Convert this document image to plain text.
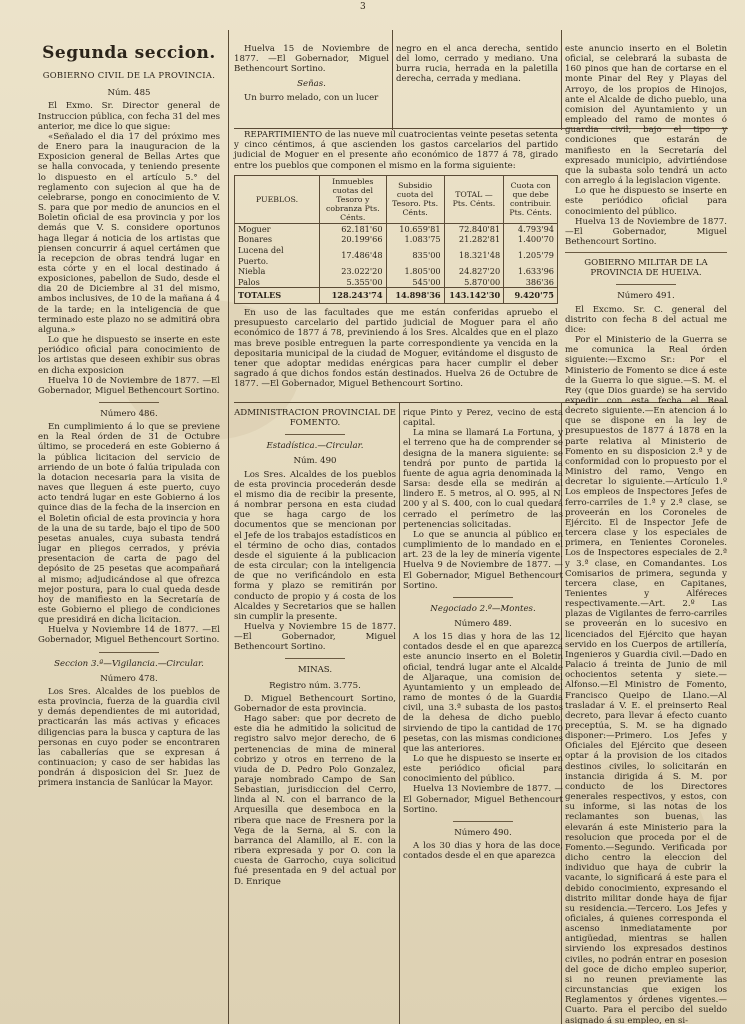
3
Segunda seccion.
GOBIERNO CIVIL DE LA PROVINCIA.
Núm. 485

El Exmo. Sr. Director general de Instruccion pública, con fecha 31 del mes anterior, me dice lo que sigue:

«Señalado el dia 17 del próximo mes de Enero para la inauguracion de la Exposicion general de Bellas Artes que se halla convocada, y teniendo presente lo dispuesto en el artículo 5.° del reglamento con sujecion al que ha de celebrarse, pongo en conocimiento de V. S. para que por medio de anuncios en el Boletin oficial de esa provincia y por los demás que V. S. considere oportunos haga llegar á noticia de los artistas que piensen concurrir á aquel certámen que la recepcion de obras tendrá lugar en esta córte y en el local destinado á exposiciones, pabellon de Sudo, desde el dia 20 de Diciembre al 31 del mismo, ambos inclusives, de 10 de la mañana á 4 de la tarde; en la inteligencia de que terminado este plazo no se admitirá obra alguna.»

Lo que he dispuesto se inserte en este periódico oficial para conocimiento de los artistas que deseen exhibir sus obras en dicha exposicion

Huelva 10 de Noviembre de 1877. —El Gobernador, Miguel Bethencourt Sortino.

Número 486.

En cumplimiento á lo que se previene en la Real órden de 31 de Octubre último, se procederá en este Gobierno á la pública licitacion del servicio de arriendo de un bote ó falúa tripulada con la dotacion necesaria para la visita de naves que lleguen á este puerto, cuyo acto tendrá lugar en este Gobierno á los quince dias de la fecha de la insercion en el Boletin oficial de esta provincia y hora de la una de su tarde, bajo el tipo de 500 pesetas anuales, cuya subasta tendrá lugar en pliegos cerrados, y prévia presentacion de carta de pago del depósito de 25 pesetas que acompañará al mismo; adjudicándose al que ofrezca mejor postura, para lo cual queda desde hoy de manifiesto en la Secretaría de este Gobierno el pliego de condiciones que presidirá en dicha licitacion.

Huelva y Noviembre 14 de 1877. —El Gobernador, Miguel Bethencourt Sortino.

Seccion 3.ª—Vigilancia.—Circular.
Número 478.

Los Sres. Alcaldes de los pueblos de esta provincia, fuerza de la guardia civil y demás dependientes de mi autoridad, practicarán las más activas y eficaces diligencias para la busca y captura de las personas en cuyo poder se encontraren las caballerías que se expresan á continuacion; y caso de ser habidas las pondrán á disposicion del Sr. Juez de primera instancia de Sanlúcar la Mayor.

Huelva 15 de Noviembre de 1877. —El Gobernador, Miguel Bethencourt Sortino.

Señas.

Un burro melado, con un lucer

negro en el anca derecha, sentido del lomo, cerrado y mediano. Una burra rucia, herrada en la paletilla derecha, cerrada y mediana.

este anuncio inserto en el Boletin oficial, se celebrará la subasta de 160 pinos que han de cortarse en el monte Pinar del Rey y Playas del Arroyo, de los propios de Hinojos, ante el Alcalde de dicho pueblo, una comision del Ayuntamiento y un empleado del ramo de montes ó guardia civil, bajo el tipo y condiciones que estarán de manifiesto en la Secretaría del expresado municipio, advirtiéndose que la subasta solo tendrá un acto con arreglo á la legislacion vigente.

Lo que he dispuesto se inserte en este periódico oficial para conocimiento del público.

Huelva 13 de Noviembre de 1877. —El Gobernador, Miguel Bethencourt Sortino.

GOBIERNO MILITAR DE LA PROVINCIA DE HUELVA.
Número 491.

El Excmo. Sr. C. general del distrito con fecha 8 del actual me dice:

Por el Ministerio de la Guerra se me comunica la Real órden siguiente:—Excmo Sr.: Por el Ministerio de Fomento se dice á este de la Guerra lo que sigue.—S. M. el Rey (que Dios guarde) se ha servido expedir con esta fecha el Real decreto siguiente.—En atencion á lo que se dispone en la ley de presupuestos de 1877 á 1878 en la parte relativa al Ministerio de Fomento en su disposicion 2.ª y de conformidad con lo propuesto por el Ministro del ramo, Vengo en decretar lo siguiente.—Artículo 1.º Los empleos de Inspectores Jefes de ferro-carriles de 1.ª y 2.ª clase, se proveerán en los Coroneles de Ejército. El de Inspector Jefe de tercera clase y los especiales de primera, en Tenientes Coroneles. Los de Inspectores especiales de 2.ª y 3.ª clase, en Comandantes. Los Comisarios de primera, segunda y tercera clase, en Capitanes, Tenientes y Alféreces respectivamente.—Art. 2.º Las plazas de Vigilantes de ferro-carriles se proveerán en lo sucesivo en licenciados del Ejército que hayan servido en los Cuerpos de artillería, Ingenieros y Guardia civil.—Dado en Palacio á treinta de Junio de mil ochocientos setenta y siete.—Alfonso.—El Ministro de Fomento, Francisco Queipo de Llano.—Al trasladar á V. E. el preinserto Real decreto, para llevar á efecto cuanto preceptúa, S. M. se ha dignado disponer:—Primero. Los Jefes y Oficiales del Ejército que deseen optar á la provision de los citados destinos civiles, lo solicitarán en instancia dirigida á S. M. por conducto de los Directores generales respectivos, y estos, con su informe, si las notas de los reclamantes son buenas, las elevarán á este Ministerio para la resolucion que proceda por el de Fomento.—Segundo. Verificada por dicho centro la eleccion del individuo que haya de cubrir la vacante, lo significará á este para el debido conocimiento, expresando el distrito militar donde haya de fijar su residencia.—Tercero. Los Jefes y oficiales, á quienes corresponda el ascenso inmediatamente por antigüedad, mientras se hallen sirviendo los expresados destinos civiles, no podrán entrar en posesion del goce de dicho empleo superior, si no reunen previamente las circunstancias que exigen los Reglamentos y órdenes vigentes.—Cuarto. Para el percibo del sueldo asignado á su empleo, en si-

REPARTIMIENTO de las nueve mil cuatrocientas veinte pesetas setenta y cinco céntimos, á que ascienden los gastos carcelarios del partido judicial de Moguer en el presente año económico de 1877 á 78, girado entre los pueblos que componen el mismo en la forma siguiente:

PUEBLOS.	Inmuebles cuotas del Tesoro y cobranza Pts. Cénts.	Subsidio cuota del Tesoro. Pts. Cénts.	TOTAL — Pts. Cénts.	Cuota con que debe contribuir. Pts. Cénts.
Moguer	62.181'60	10.659'81	72.840'81	4.793'94
Bonares	20.199'66	1.083'75	21.282'81	1.400'70
Lucena del Puerto.	17.486'48	835'00	18.321'48	1.205'79
Niebla	23.022'20	1.805'00	24.827'20	1.633'96
Palos	5.355'00	545'00	5.870'00	386'36
TOTALES	128.243'74	14.898'36	143.142'30	9.420'75

En uso de las facultades que me están conferidas apruebo el presupuesto carcelario del partido judicial de Moguer para el año económico de 1877 á 78, previniendo á los Sres. Alcaldes que en el plazo mas breve posible entreguen la parte correspondiente ya vencida en la depositaria municipal de la ciudad de Moguer, evitándome el disgusto de tener que adoptar medidas enérgicas para hacer cumplir el deber sagrado á que dichos fondos están destinados. Huelva 26 de Octubre de 1877. —El Gobernador, Miguel Bethencourt Sortino.

ADMINISTRACION PROVINCIAL DE FOMENTO.
Estadística.—Circular.
Núm. 490

Los Sres. Alcaldes de los pueblos de esta provincia procederán desde el mismo dia de recibir la presente, á nombrar persona en esta ciudad que se haga cargo de los documentos que se mencionan por el Jefe de los trabajos estadísticos en el término de ocho dias, contados desde el siguiente á la publicacion de esta circular; con la inteligencia de que no verificándolo en esta forma y plazo se remitirán por conducto de propio y á costa de los Alcaldes y Secretarios que se hallen sin cumplir la presente.

Huelva y Noviembre 15 de 1877. —El Gobernador, Miguel Bethencourt Sortino.

MINAS.
Registro núm. 3.775.

D. Miguel Bethencourt Sortino, Gobernador de esta provincia.

Hago saber: que por decreto de este dia he admitido la solicitud de registro salvo mejor derecho, de 6 pertenencias de mina de mineral cobrizo y otros en terreno de la viuda de D. Pedro Polo Gonzalez, paraje nombrado Campo de San Sebastian, jurisdiccion del Cerro, linda al N. con el barranco de la Arquesilla que desemboca en la ribera que nace de Fresnera por la Vega de la Serna, al S. con la barranca del Alamillo, al E. con la ribera expresada y por O. con la cuesta de Garrocho, cuya solicitud fué presentada en 9 del actual por D. Enrique

rique Pinto y Perez, vecino de esta capital.

La mina se llamará La Fortuna, y el terreno que ha de comprender se designa de la manera siguiente: se tendrá por punto de partida la fuente de agua agria denominada la Sarsa: desde ella se medirán al lindero E. 5 metros, al O. 995, al N. 200 y al S. 400, con lo cual quedará cerrado el perímetro de las pertenencias solicitadas.

Lo que se anuncia al público en cumplimiento de lo mandado en el art. 23 de la ley de minería vigente. Huelva 9 de Noviembre de 1877. —El Gobernador, Miguel Bethencourt Sortino.

Negociado 2.º—Montes.
Número 489.

A los 15 dias y hora de las 12, contados desde el en que aparezca este anuncio inserto en el Boletin oficial, tendrá lugar ante el Alcalde de Aljaraque, una comision del Ayuntamiento y un empleado del ramo de montes ó de la Guardia civil, una 3.ª subasta de los pastos de la dehesa de dicho pueblo, sirviendo de tipo la cantidad de 170 pesetas, con las mismas condiciones que las anteriores.

Lo que he dispuesto se inserte en este periódico oficial para conocimiento del público.

Huelva 13 Noviembre de 1877. —El Gobernador, Miguel Bethencourt Sortino.

Número 490.

A los 30 dias y hora de las doce, contados desde el en que aparezca
